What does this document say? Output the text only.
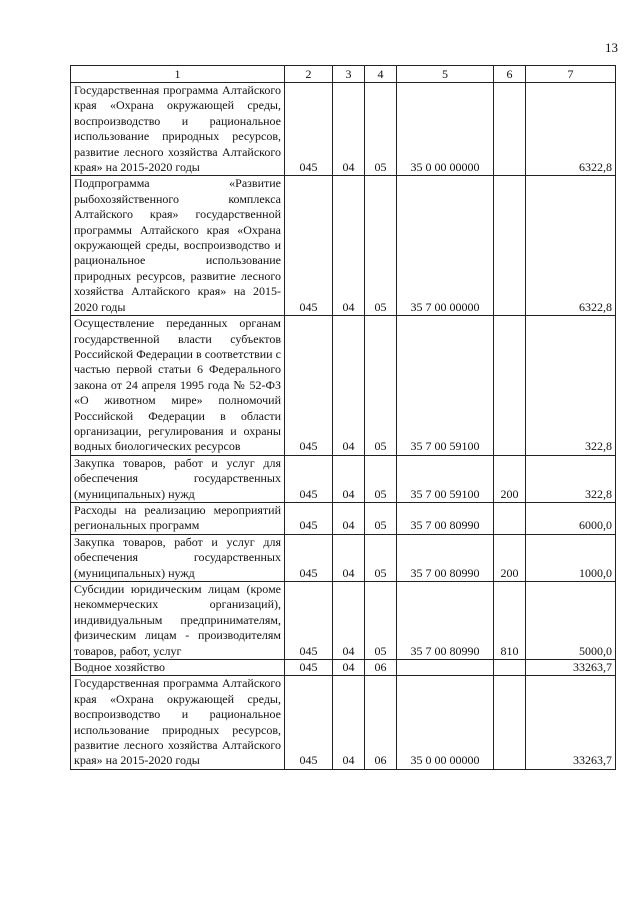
13
1	2	3	4	5	6	7

Государственная программа Алтайского края «Охрана окружающей среды, воспроизводство и рациональное использование природных ресурсов, развитие лесного хозяйства Алтайского края» на 2015-2020 годы	045	04	05	35 0 00 00000		6322,8

Подпрограмма «Развитие рыбохозяйственного комплекса Алтайского края» государственной программы Алтайского края «Охрана окружающей среды, воспроизводство и рациональное использование природных ресурсов, развитие лесного хозяйства Алтайского края» на 2015-2020 годы	045	04	05	35 7 00 00000		6322,8

Осуществление переданных органам государственной власти субъектов Российской Федерации в соответствии с частью первой статьи 6 Федерального закона от 24 апреля 1995 года № 52-ФЗ «О животном мире» полномочий Российской Федерации в области организации, регулирования и охраны водных биологических ресурсов	045	04	05	35 7 00 59100		322,8

Закупка товаров, работ и услуг для обеспечения государственных (муниципальных) нужд	045	04	05	35 7 00 59100	200	322,8

Расходы на реализацию мероприятий региональных программ	045	04	05	35 7 00 80990		6000,0

Закупка товаров, работ и услуг для обеспечения государственных (муниципальных) нужд	045	04	05	35 7 00 80990	200	1000,0

Субсидии юридическим лицам (кроме некоммерческих организаций), индивидуальным предпринимателям, физическим лицам - производителям товаров, работ, услуг	045	04	05	35 7 00 80990	810	5000,0

Водное хозяйство	045	04	06			33263,7

Государственная программа Алтайского края «Охрана окружающей среды, воспроизводство и рациональное использование природных ресурсов, развитие лесного хозяйства Алтайского края» на 2015-2020 годы	045	04	06	35 0 00 00000		33263,7
